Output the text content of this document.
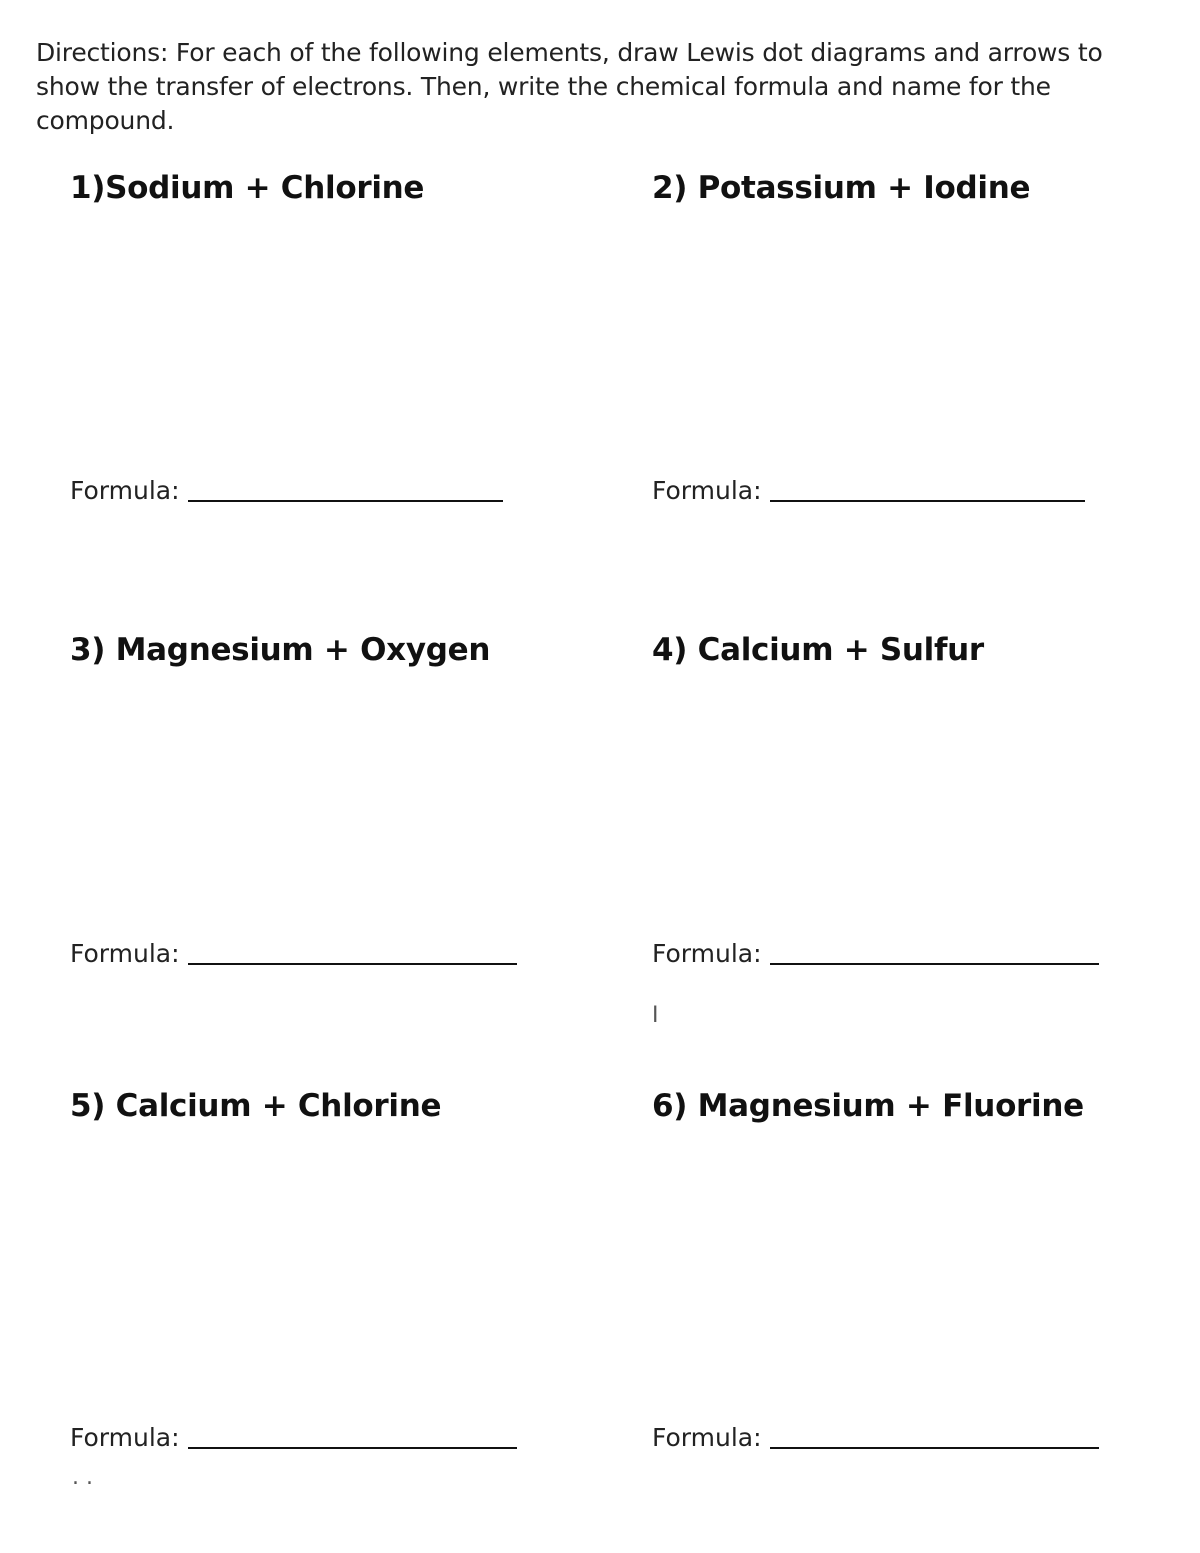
Directions: For each of the following elements, draw Lewis dot diagrams and arrows to show the transfer of electrons. Then, write the chemical formula and name for the compound.
1)Sodium + Chlorine
Formula:
2) Potassium + Iodine
Formula:
3) Magnesium + Oxygen
Formula:
4) Calcium + Sulfur
Formula:
I
5) Calcium + Chlorine
Formula:
6) Magnesium + Fluorine
Formula:
. .
